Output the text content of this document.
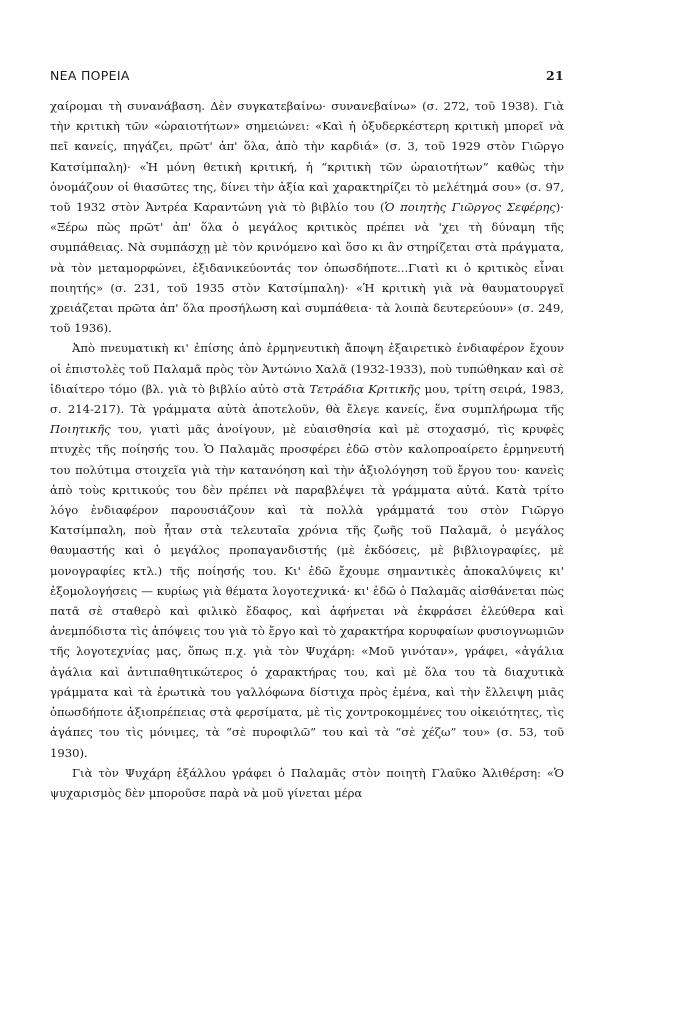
ΝΕΑ ΠΟΡΕΙΑ	21

χαίρομαι τὴ συνανάβαση. Δὲν συγκατεβαίνω· συνανεβαίνω» (σ. 272, τοῦ 1938). Γιὰ τὴν κριτικὴ τῶν «ὡραιοτήτων» σημειώνει: «Καὶ ἡ ὀξυδερκέστερη κριτικὴ μπορεῖ νὰ πεῖ κανείς, πηγάζει, πρῶτ' ἀπ' ὅλα, ἀπὸ τὴν καρδιά» (σ. 3, τοῦ 1929 στὸν Γιῶργο Κατσίμπαλη)· «Ἡ μόνη θετικὴ κριτική, ἡ “κριτικὴ τῶν ὡραιοτήτων” καθὼς τὴν ὀνομάζουν οἱ θιασῶτες της, δίνει τὴν ἀξία καὶ χαρακτηρίζει τὸ μελέτημά σου» (σ. 97, τοῦ 1932 στὸν Ἀντρέα Καραντώνη γιὰ τὸ βιβλίο του (Ὁ ποιητὴς Γιῶργος Σεφέρης)· «Ξέρω πὼς πρῶτ' ἀπ' ὅλα ὁ μεγάλος κριτικὸς πρέπει νὰ 'χει τὴ δύναμη τῆς συμπάθειας. Νὰ συμπάσχῃ μὲ τὸν κρινόμενο καὶ ὅσο κι ἂν στηρίζεται στὰ πράγματα, νὰ τὸν μεταμορφώνει, ἐξιδανικεύοντάς τον ὁπωσδήποτε...Γιατὶ κι ὁ κριτικὸς εἶναι ποιητής» (σ. 231, τοῦ 1935 στὸν Κατσίμπαλη)· «Ἡ κριτικὴ γιὰ νὰ θαυματουργεῖ χρειάζεται πρῶτα ἀπ' ὅλα προσήλωση καὶ συμπάθεια· τὰ λοιπὰ δευτερεύουν» (σ. 249, τοῦ 1936).

Ἀπὸ πνευματικὴ κι' ἐπίσης ἀπὸ ἑρμηνευτικὴ ἄποψη ἐξαιρετικὸ ἐνδιαφέρον ἔχουν οἱ ἐπιστολὲς τοῦ Παλαμᾶ πρὸς τὸν Ἀντώνιο Χαλᾶ (1932-1933), ποὺ τυπώθηκαν καὶ σὲ ἰδιαίτερο τόμο (βλ. γιὰ τὸ βιβλίο αὐτὸ στὰ Τετράδια Κριτικῆς μου, τρίτη σειρά, 1983, σ. 214-217). Τὰ γράμματα αὐτὰ ἀποτελοῦν, θὰ ἔλεγε κανείς, ἕνα συμπλήρωμα τῆς Ποιητικῆς του, γιατὶ μᾶς ἀνοίγουν, μὲ εὐαισθησία καὶ μὲ στοχασμό, τὶς κρυφὲς πτυχὲς τῆς ποίησής του. Ὁ Παλαμᾶς προσφέρει ἐδῶ στὸν καλοπροαίρετο ἑρμηνευτή του πολύτιμα στοιχεῖα γιὰ τὴν κατανόηση καὶ τὴν ἀξιολόγηση τοῦ ἔργου του· κανεὶς ἀπὸ τοὺς κριτικούς του δὲν πρέπει νὰ παραβλέψει τὰ γράμματα αὐτά. Κατὰ τρίτο λόγο ἐνδιαφέρον παρουσιάζουν καὶ τὰ πολλὰ γράμματά του στὸν Γιῶργο Κατσίμπαλη, ποὺ ἦταν στὰ τελευταῖα χρόνια τῆς ζωῆς τοῦ Παλαμᾶ, ὁ μεγάλος θαυμαστής καὶ ὁ μεγάλος προπαγανδιστής (μὲ ἐκδόσεις, μὲ βιβλιογραφίες, μὲ μονογραφίες κτλ.) τῆς ποίησής του. Κι' ἐδῶ ἔχουμε σημαντικὲς ἀποκαλύψεις κι' ἐξομολογήσεις — κυρίως γιὰ θέματα λογοτεχνικά· κι' ἐδῶ ὁ Παλαμᾶς αἰσθάνεται πὼς πατᾶ σὲ σταθερὸ καὶ φιλικὸ ἔδαφος, καὶ ἀφήνεται νὰ ἐκφράσει ἐλεύθερα καὶ ἀνεμπόδιστα τὶς ἀπόψεις του γιὰ τὸ ἔργο καὶ τὸ χαρακτήρα κορυφαίων φυσιογνωμιῶν τῆς λογοτεχνίας μας, ὅπως π.χ. γιὰ τὸν Ψυχάρη: «Μοῦ γινόταν», γράφει, «ἀγάλια ἀγάλια καὶ ἀντιπαθητικώτερος ὁ χαρακτήρας του, καὶ μὲ ὅλα του τὰ διαχυτικὰ γράμματα καὶ τὰ ἐρωτικὰ του γαλλόφωνα δίστιχα πρὸς ἐμένα, καὶ τὴν ἔλλειψη μιᾶς ὁπωσδήποτε ἀξιοπρέπειας στὰ φερσίματα, μὲ τὶς χοντροκομμένες του οἰκειότητες, τὶς ἀγάπες του τὶς μόνιμες, τὰ “σὲ πυροφιλῶ” του καὶ τὰ “σὲ χέζω” του» (σ. 53, τοῦ 1930).

Γιὰ τὸν Ψυχάρη ἐξάλλου γράφει ὁ Παλαμᾶς στὸν ποιητὴ Γλαῦκο Ἀλιθέρση: «Ὁ ψυχαρισμὸς δὲν μποροῦσε παρὰ νὰ μοῦ γίνεται μέρα
